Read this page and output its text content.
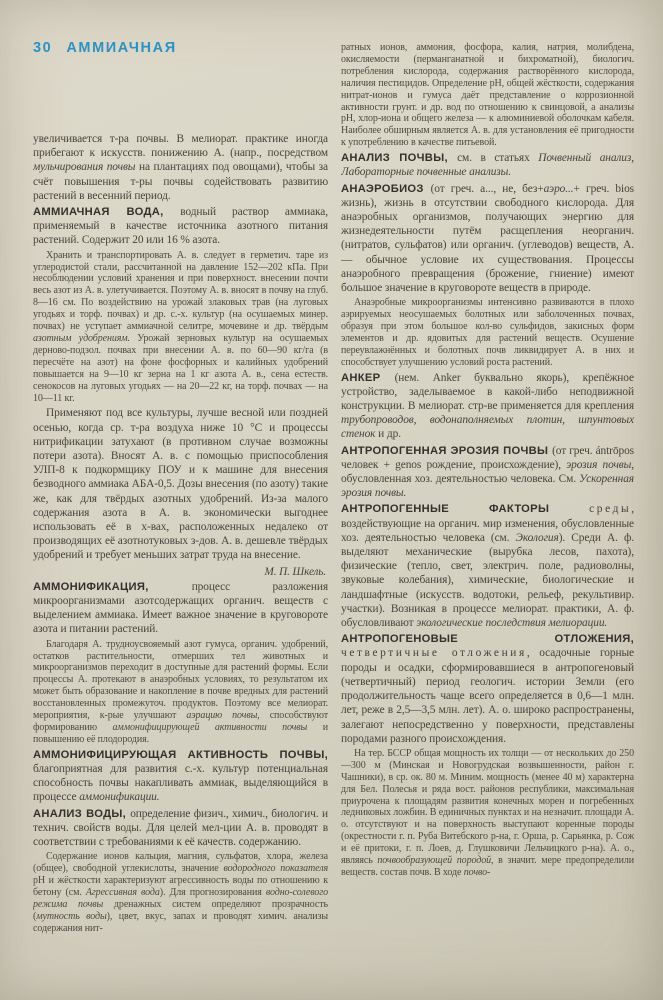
30 АММИАЧНАЯ

увеличивается т-ра почвы. В мелиорат. практике иногда прибегают к искусств. понижению А. (напр., посредством мульчирования почвы на плантациях под овощами), чтобы за счёт повышения т-ры почвы содействовать развитию растений в весенний период.

АММИАЧНАЯ ВОДА, водный раствор аммиака, применяемый в качестве источника азотного питания растений. Содержит 20 или 16 % азота.

Хранить и транспортировать А. в. следует в герметич. таре из углеродистой стали, рассчитанной на давление 152—202 кПа. При несоблюдении условий хранения и при поверхност. внесении почти весь азот из А. в. улетучивается. Поэтому А. в. вносят в почву на глуб. 8—16 см. По воздействию на урожай злаковых трав (на луговых угодьях и торф. почвах) и др. с.-х. культур (на осушаемых минер. почвах) не уступает аммиачной селитре, мочевине и др. твёрдым азотным удобрениям. Урожай зерновых культур на осушаемых дерново-подзол. почвах при внесении А. в. по 60—90 кг/га (в пересчёте на азот) на фоне фосфорных и калийных удобрений повышается на 9—10 кг зерна на 1 кг азота А. в., сена естеств. сенокосов на луговых угодьях — на 20—22 кг, на торф. почвах — на 10—11 кг.

Применяют под все культуры, лучше весной или поздней осенью, когда ср. т-ра воздуха ниже 10 °С и процессы нитрификации затухают (в противном случае возможны потери азота). Вносят А. в. с помощью приспособления УЛП-8 к подкормщику ПОУ и к машине для внесения безводного аммиака АБА-0,5. Дозы внесения (по азоту) такие же, как для твёрдых азотных удобрений. Из-за малого содержания азота в А. в. экономически выгоднее использовать её в х-вах, расположенных недалеко от производящих её азотнотуковых з-дов. А. в. дешевле твёрдых удобрений и требует меньших затрат труда на внесение.

М. П. Шкель.

АММОНИФИКАЦИЯ, процесс разложения микроорганизмами азотсодержащих органич. веществ с выделением аммиака. Имеет важное значение в круговороте азота и питании растений.

Благодаря А. трудноусвояемый азот гумуса, органич. удобрений, остатков растительности, отмерших тел животных и микроорганизмов переходит в доступные для растений формы. Если процессы А. протекают в анаэробных условиях, то результатом их может быть образование и накопление в почве вредных для растений восстановленных промежуточ. продуктов. Поэтому все мелиорат. мероприятия, к-рые улучшают аэрацию почвы, способствуют формированию аммонифицирующей активности почвы и повышению её плодородия.

АММОНИФИЦИРУЮЩАЯ АКТИВНОСТЬ ПОЧВЫ, благоприятная для развития с.-х. культур потенциальная способность почвы накапливать аммиак, выделяющийся в процессе аммонификации.

АНАЛИЗ ВОДЫ, определение физич., химич., биологич. и технич. свойств воды. Для целей мел-ции А. в. проводят в соответствии с требованиями к её качеств. содержанию.

Содержание ионов кальция, магния, сульфатов, хлора, железа (общее), свободной углекислоты, значение водородного показателя pH и жёсткости характеризуют агрессивность воды по отношению к бетону (см. Агрессивная вода). Для прогнозирования водно-солевого режима почвы дренажных систем определяют прозрачность (мутность воды), цвет, вкус, запах и проводят химич. анализы содержания нит-

ратных ионов, аммония, фосфора, калия, натрия, молибдена, окисляемости (перманганатной и бихроматной), биологич. потребления кислорода, содержания растворённого кислорода, наличия пестицидов. Определение pH, общей жёсткости, содержания нитрат-ионов и гумуса даёт представление о коррозионной активности грунт. и др. вод по отношению к свинцовой, а анализы pH, хлор-иона и общего железа — к алюминиевой оболочкам кабеля. Наиболее обширным является А. в. для установления её пригодности к употреблению в качестве питьевой.

АНАЛИЗ ПОЧВЫ, см. в статьях Почвенный анализ, Лабораторные почвенные анализы.

АНАЭРОБИОЗ (от греч. а..., не, без+аэро...+ греч. bios жизнь), жизнь в отсутствии свободного кислорода. Для анаэробных организмов, получающих энергию для жизнедеятельности путём расщепления неорганич. (нитратов, сульфатов) или органич. (углеводов) веществ, А.— обычное условие их существования. Процессы анаэробного превращения (брожение, гниение) имеют большое значение в круговороте веществ в природе.

Анаэробные микроорганизмы интенсивно развиваются в плохо аэрируемых неосушаемых болотных или заболоченных почвах, образуя при этом большое кол-во сульфидов, закисных форм элементов и др. ядовитых для растений веществ. Осушение переувлажнённых и болотных почв ликвидирует А. в них и способствует улучшению условий роста растений.

АНКЕР (нем. Anker буквально якорь), крепёжное устройство, заделываемое в какой-либо неподвижной конструкции. В мелиорат. стр-ве применяется для крепления трубопроводов, водонаполняемых плотин, шпунтовых стенок и др.

АНТРОПОГЕННАЯ ЭРОЗИЯ ПОЧВЫ (от греч. ántrōpos человек + genos рождение, происхождение), эрозия почвы, обусловленная хоз. деятельностью человека. См. Ускоренная эрозия почвы.

АНТРОПОГЕННЫЕ ФАКТОРЫ среды, воздействующие на органич. мир изменения, обусловленные хоз. деятельностью человека (см. Экология). Среди А. ф. выделяют механические (вырубка лесов, пахота), физические (тепло, свет, электрич. поле, радиоволны, звуковые колебания), химические, биологические и ландшафтные (искусств. водотоки, рельеф, рекультивир. участки). Возникая в процессе мелиорат. практики, А. ф. обусловливают экологические последствия мелиорации.

АНТРОПОГЕНОВЫЕ ОТЛОЖЕНИЯ, четвертичные отложения, осадочные горные породы и осадки, сформировавшиеся в антропогеновый (четвертичный) период геологич. истории Земли (его продолжительность чаще всего определяется в 0,6—1 млн. лет, реже в 2,5—3,5 млн. лет). А. о. широко распространены, залегают непосредственно у поверхности, представлены породами разного происхождения.

На тер. БССР общая мощность их толщи — от нескольких до 250—300 м (Минская и Новогрудская возвышенности, район г. Чашники), в ср. ок. 80 м. Миним. мощность (менее 40 м) характерна для Бел. Полесья и ряда вост. районов республики, максимальная приурочена к площадям развития конечных морен и погребенных ледниковых ложбин. В единичных пунктах и на незначит. площади А. о. отсутствуют и на поверхность выступают коренные породы (окрестности г. п. Руба Витебского р-на, г. Орша, р. Сарьянка, р. Сож и её притоки, г. п. Лоев, д. Глушковичи Лельчицкого р-на). А. о., являясь почвообразующей породой, в значит. мере предопределили веществ. состав почв. В ходе почво-
